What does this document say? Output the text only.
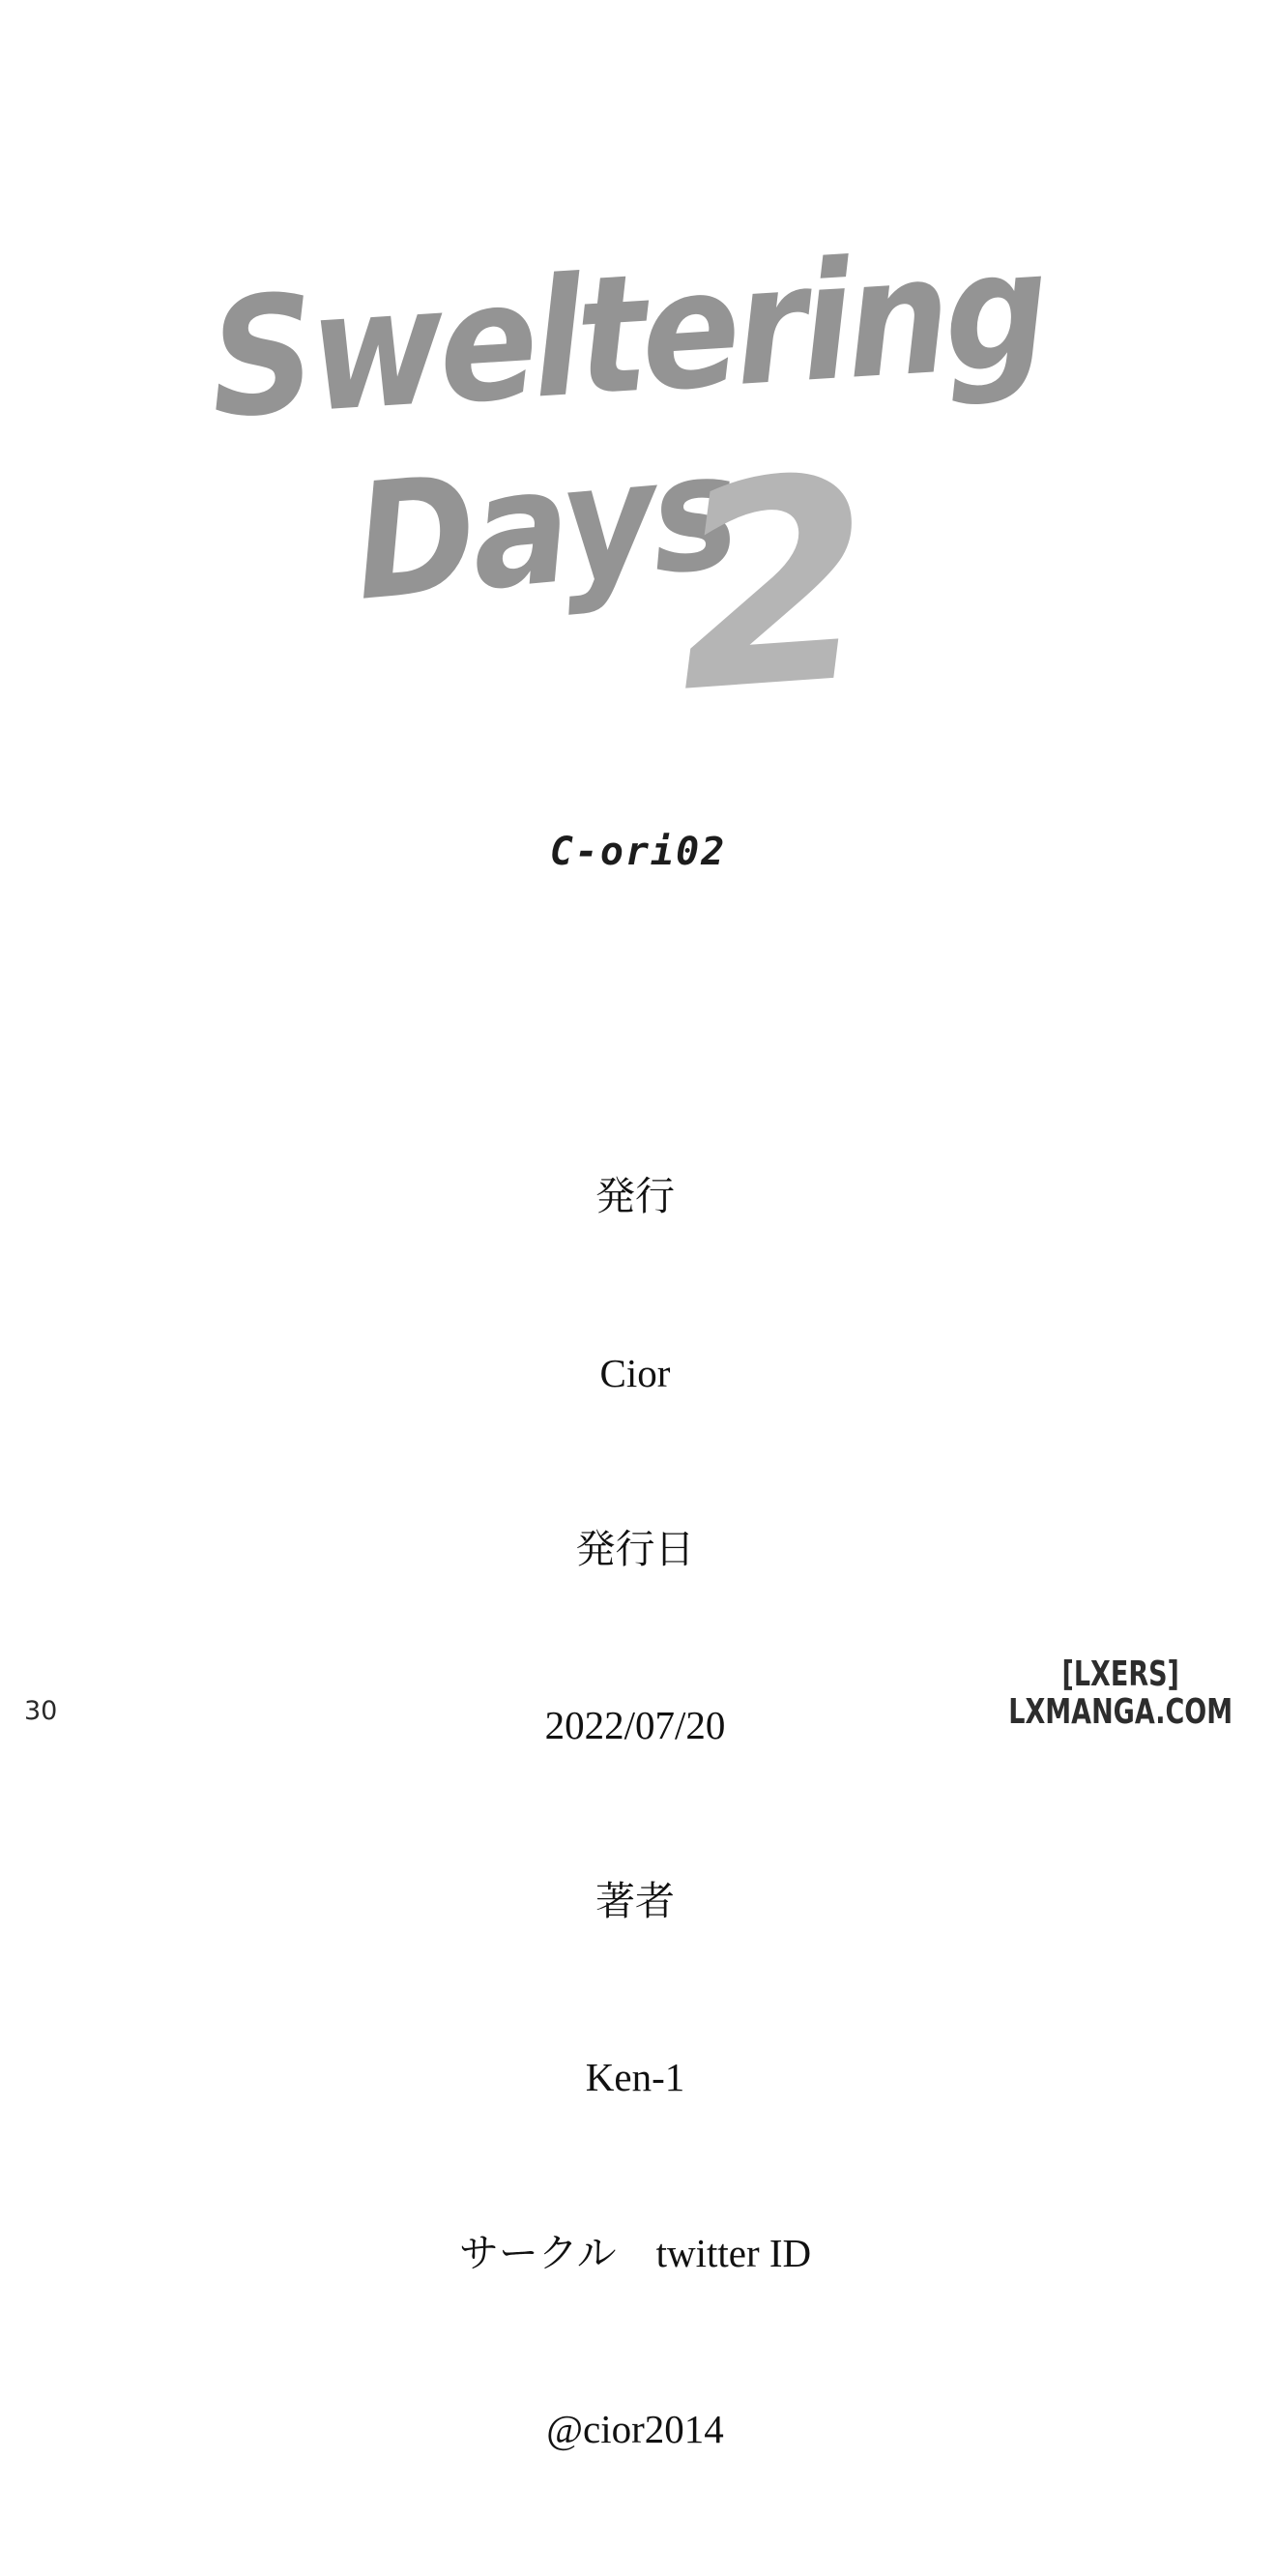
Sweltering
Days
2
C-ori02

発行

Cior

発行日

2022/07/20

著者

Ken-1

サークル　twitter ID

@cior2014

30
[LXERS]
LXMANGA.COM
